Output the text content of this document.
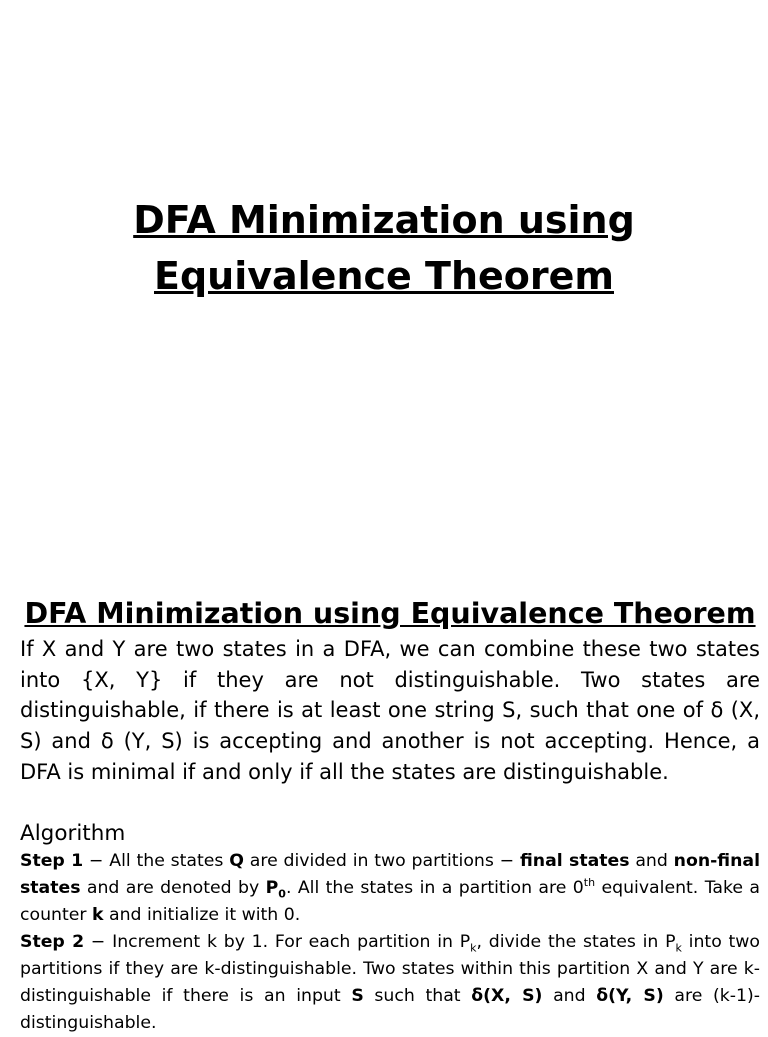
DFA Minimization using
Equivalence Theorem
DFA Minimization using Equivalence Theorem
If X and Y are two states in a DFA, we can combine these two states into {X, Y} if they are not distinguishable. Two states are distinguishable, if there is at least one string S, such that one of δ (X, S) and δ (Y, S) is accepting and another is not accepting. Hence, a DFA is minimal if and only if all the states are distinguishable.
Algorithm

Step 1 − All the states Q are divided in two partitions − final states and non-final states and are denoted by $P_0$. All the states in a partition are 0th equivalent. Take a counter k and initialize it with 0.

Step 2 − Increment k by 1. For each partition in $P_k$, divide the states in $P_k$ into two partitions if they are k-distinguishable. Two states within this partition X and Y are k-distinguishable if there is an input S such that δ(X, S) and δ(Y, S) are (k-1)-distinguishable.
